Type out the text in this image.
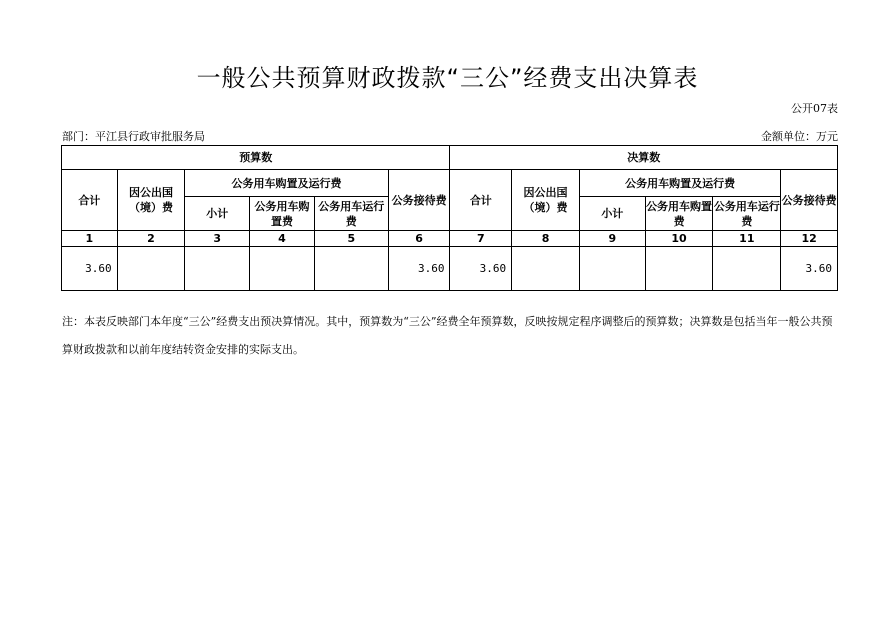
一般公共预算财政拨款“三公”经费支出决算表
公开07表
部门：平江县行政审批服务局	金额单位：万元
预算数						决算数					
合计	因公出国（境）费	公务用车购置及运行费			公务接待费	合计	因公出国（境）费	公务用车购置及运行费			公务接待费
		小计	公务用车购置费	公务用车运行费				小计	公务用车购置费	公务用车运行费	
1	2	3	4	5	6	7	8	9	10	11	12
3.60					3.60	3.60					3.60
注：本表反映部门本年度“三公”经费支出预决算情况。其中，预算数为“三公”经费全年预算数，反映按规定程序调整后的预算数；决算数是包括当年一般公共预算财政拨款和以前年度结转资金安排的实际支出。
